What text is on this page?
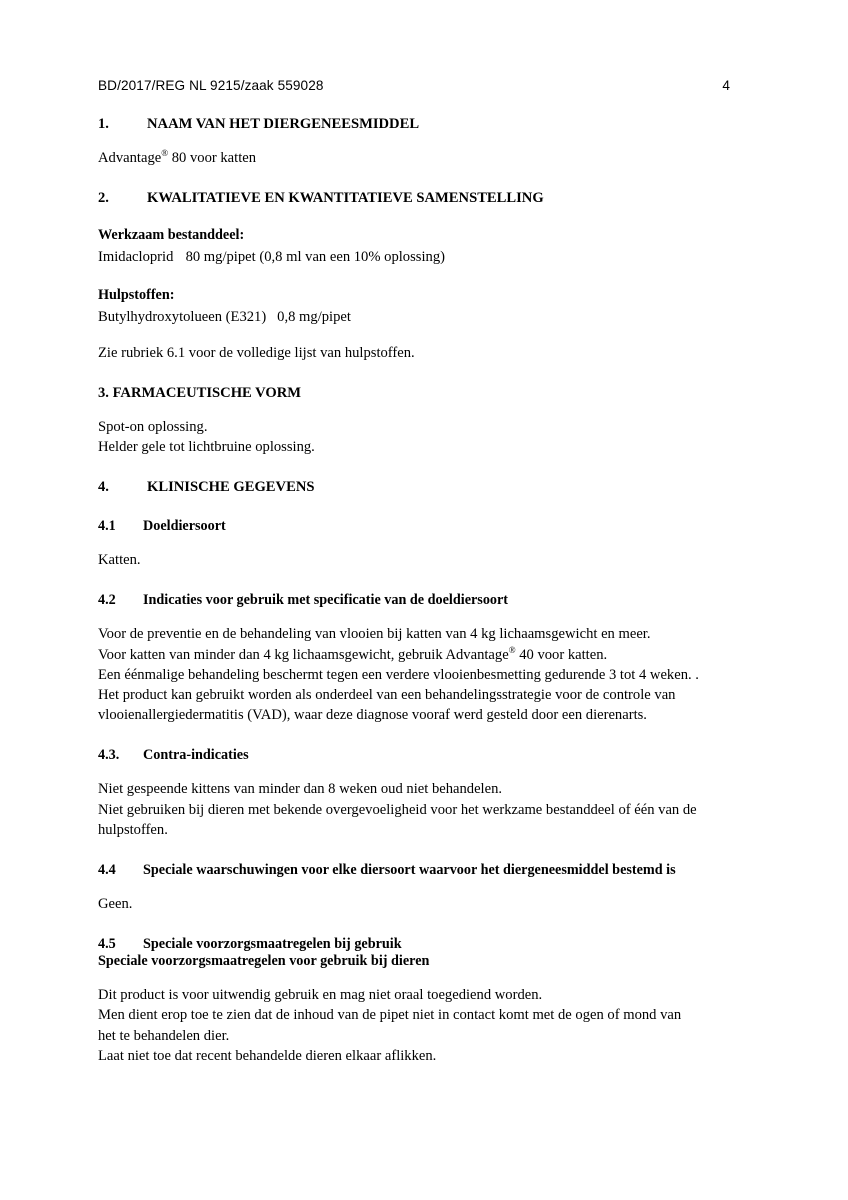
BD/2017/REG NL 9215/zaak 559028	4
1.	NAAM VAN HET DIERGENEESMIDDEL
Advantage® 80 voor katten
2.	KWALITATIEVE EN KWANTITATIEVE SAMENSTELLING
Werkzaam bestanddeel:
Imidacloprid	80 mg/pipet (0,8 ml van een 10% oplossing)
Hulpstoffen:
Butylhydroxytolueen (E321)   0,8 mg/pipet
Zie rubriek 6.1 voor de volledige lijst van hulpstoffen.
3. FARMACEUTISCHE VORM
Spot-on oplossing.
Helder gele tot lichtbruine oplossing.
4.	KLINISCHE GEGEVENS
4.1	Doeldiersoort
Katten.
4.2	Indicaties voor gebruik met specificatie van de doeldiersoort
Voor de preventie en de behandeling van vlooien bij katten van 4 kg lichaamsgewicht en meer.
Voor katten van minder dan 4 kg lichaamsgewicht, gebruik Advantage® 40 voor katten.
Een éénmalige behandeling beschermt tegen een verdere vlooienbesmetting gedurende 3 tot 4 weken. .
Het product kan gebruikt worden als onderdeel van een behandelingsstrategie voor de controle van
vlooienallergiedermatitis (VAD), waar deze diagnose vooraf werd gesteld door een dierenarts.
4.3.	Contra-indicaties
Niet gespeende kittens van minder dan 8 weken oud niet behandelen.
Niet gebruiken bij dieren met bekende overgevoeligheid voor het werkzame bestanddeel of één van de
hulpstoffen.
4.4	Speciale waarschuwingen voor elke diersoort waarvoor het diergeneesmiddel bestemd is
Geen.
4.5	Speciale voorzorgsmaatregelen bij gebruik
Speciale voorzorgsmaatregelen voor gebruik bij dieren
Dit product is voor uitwendig gebruik en mag niet oraal toegediend worden.
Men dient erop toe te zien dat de inhoud van de pipet niet in contact komt met de ogen of mond van
het te behandelen dier.
Laat niet toe dat recent behandelde dieren elkaar aflikken.
